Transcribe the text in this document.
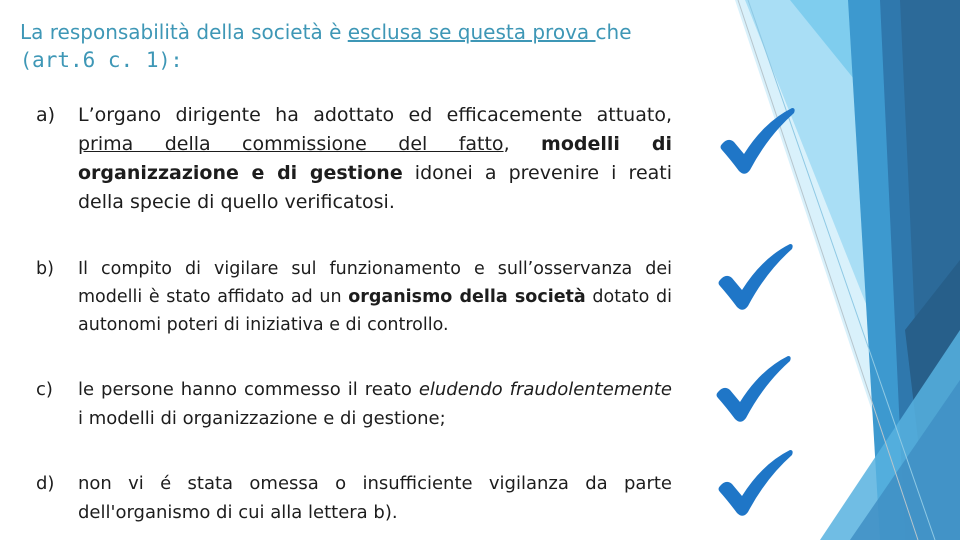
La responsabilità della società è esclusa se questa prova che
(art.6 c. 1):
a) L’organo dirigente ha adottato ed efficacemente attuato, prima della commissione del fatto, modelli di organizzazione e di gestione idonei a prevenire i reati della specie di quello verificatosi.
b) Il compito di vigilare sul funzionamento e sull’osservanza dei modelli è stato affidato ad un organismo della società dotato di autonomi poteri di iniziativa e di controllo.
c) le persone hanno commesso il reato eludendo fraudolentemente i modelli di organizzazione e di gestione;
d) non vi é stata omessa o insufficiente vigilanza da parte dell'organismo di cui alla lettera b).
